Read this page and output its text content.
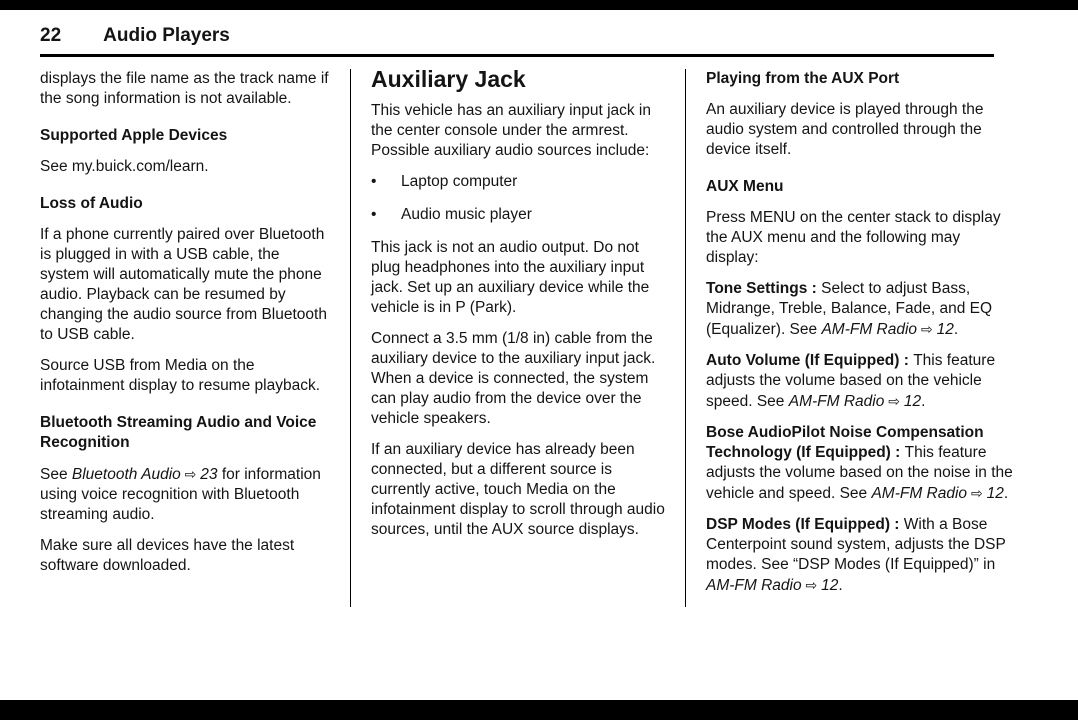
22 Audio Players

displays the file name as the track name if the song information is not available.

Supported Apple Devices

See my.buick.com/learn.

Loss of Audio

If a phone currently paired over Bluetooth is plugged in with a USB cable, the system will automatically mute the phone audio. Playback can be resumed by changing the audio source from Bluetooth to USB cable.

Source USB from Media on the infotainment display to resume playback.

Bluetooth Streaming Audio and Voice Recognition

See Bluetooth Audio ⇨ 23 for information using voice recognition with Bluetooth streaming audio.

Make sure all devices have the latest software downloaded.

Auxiliary Jack

This vehicle has an auxiliary input jack in the center console under the armrest. Possible auxiliary audio sources include:

•	Laptop computer
•	Audio music player

This jack is not an audio output. Do not plug headphones into the auxiliary input jack. Set up an auxiliary device while the vehicle is in P (Park).

Connect a 3.5 mm (1/8 in) cable from the auxiliary device to the auxiliary input jack. When a device is connected, the system can play audio from the device over the vehicle speakers.

If an auxiliary device has already been connected, but a different source is currently active, touch Media on the infotainment display to scroll through audio sources, until the AUX source displays.

Playing from the AUX Port

An auxiliary device is played through the audio system and controlled through the device itself.

AUX Menu

Press MENU on the center stack to display the AUX menu and the following may display:

Tone Settings : Select to adjust Bass, Midrange, Treble, Balance, Fade, and EQ (Equalizer). See AM-FM Radio ⇨ 12.

Auto Volume (If Equipped) : This feature adjusts the volume based on the vehicle speed. See AM-FM Radio ⇨ 12.

Bose AudioPilot Noise Compensation Technology (If Equipped) : This feature adjusts the volume based on the noise in the vehicle and speed. See AM-FM Radio ⇨ 12.

DSP Modes (If Equipped) : With a Bose Centerpoint sound system, adjusts the DSP modes. See “DSP Modes (If Equipped)” in AM-FM Radio ⇨ 12.
